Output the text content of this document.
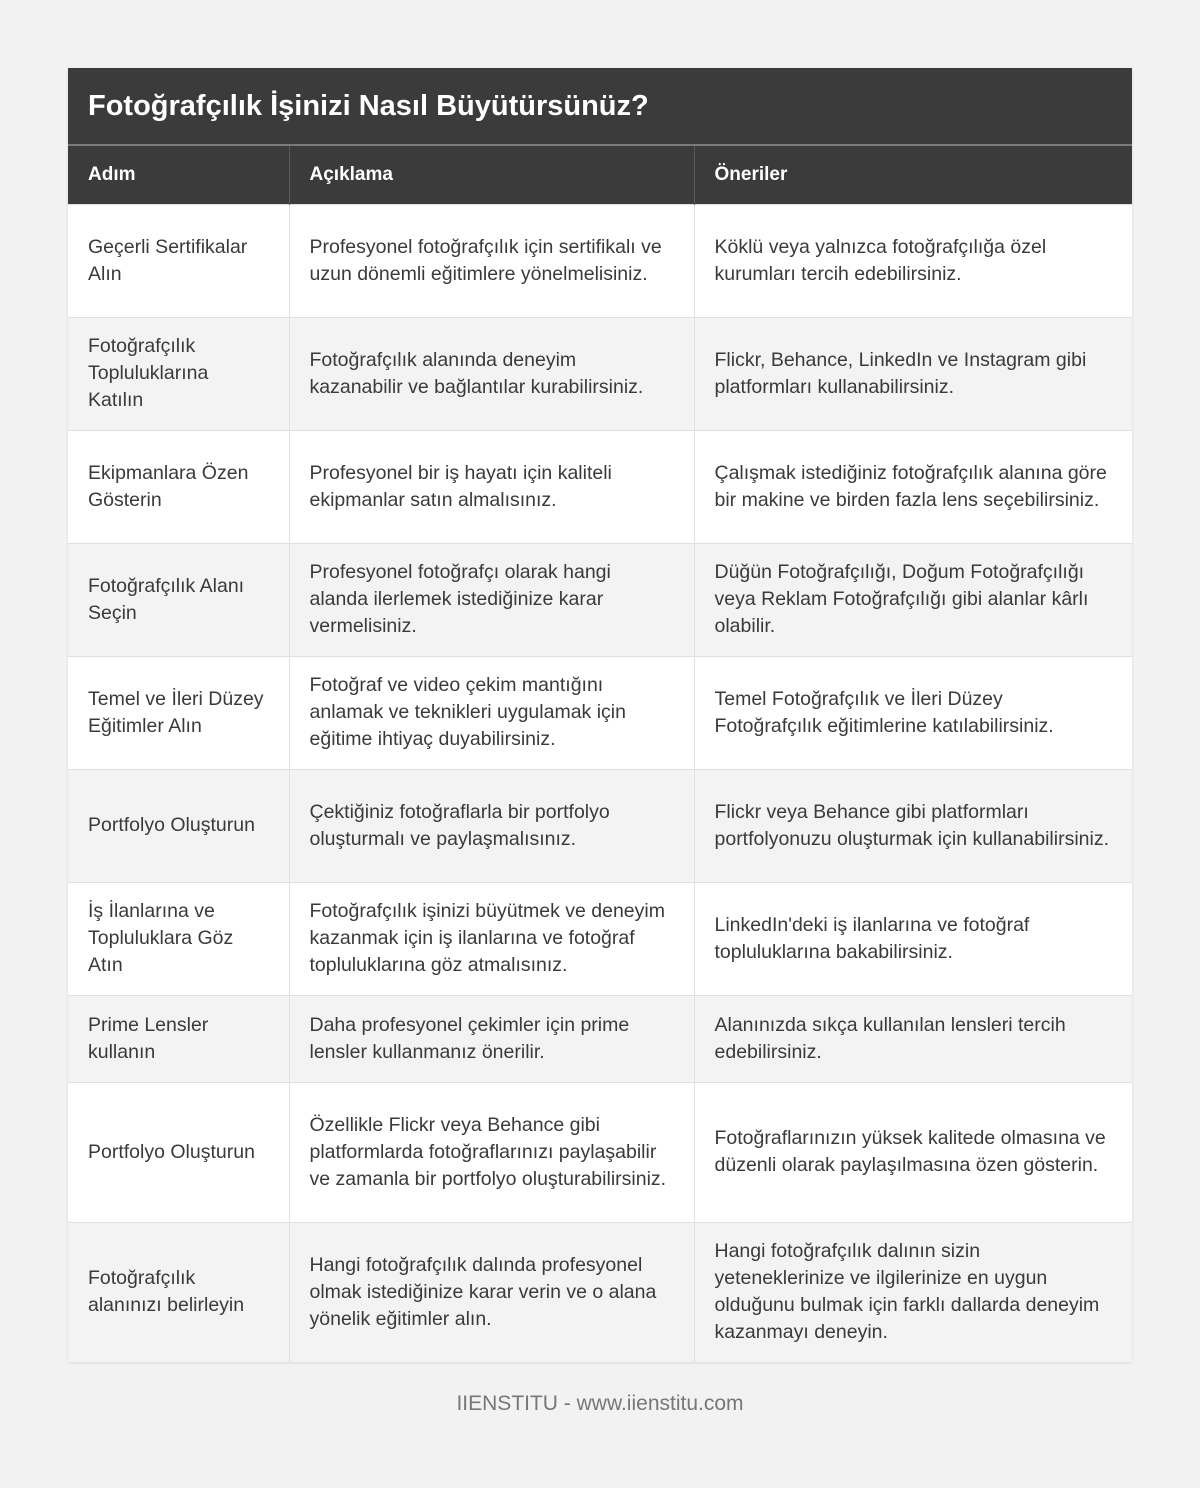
Fotoğrafçılık İşinizi Nasıl Büyütürsünüz?
Adım	Açıklama	Öneriler
Geçerli Sertifikalar Alın	Profesyonel fotoğrafçılık için sertifikalı ve uzun dönemli eğitimlere yönelmelisiniz.	Köklü veya yalnızca fotoğrafçılığa özel kurumları tercih edebilirsiniz.
Fotoğrafçılık Topluluklarına Katılın	Fotoğrafçılık alanında deneyim kazanabilir ve bağlantılar kurabilirsiniz.	Flickr, Behance, LinkedIn ve Instagram gibi platformları kullanabilirsiniz.
Ekipmanlara Özen Gösterin	Profesyonel bir iş hayatı için kaliteli ekipmanlar satın almalısınız.	Çalışmak istediğiniz fotoğrafçılık alanına göre bir makine ve birden fazla lens seçebilirsiniz.
Fotoğrafçılık Alanı Seçin	Profesyonel fotoğrafçı olarak hangi alanda ilerlemek istediğinize karar vermelisiniz.	Düğün Fotoğrafçılığı, Doğum Fotoğrafçılığı veya Reklam Fotoğrafçılığı gibi alanlar kârlı olabilir.
Temel ve İleri Düzey Eğitimler Alın	Fotoğraf ve video çekim mantığını anlamak ve teknikleri uygulamak için eğitime ihtiyaç duyabilirsiniz.	Temel Fotoğrafçılık ve İleri Düzey Fotoğrafçılık eğitimlerine katılabilirsiniz.
Portfolyo Oluşturun	Çektiğiniz fotoğraflarla bir portfolyo oluşturmalı ve paylaşmalısınız.	Flickr veya Behance gibi platformları portfolyonuzu oluşturmak için kullanabilirsiniz.
İş İlanlarına ve Topluluklara Göz Atın	Fotoğrafçılık işinizi büyütmek ve deneyim kazanmak için iş ilanlarına ve fotoğraf topluluklarına göz atmalısınız.	LinkedIn'deki iş ilanlarına ve fotoğraf topluluklarına bakabilirsiniz.
Prime Lensler kullanın	Daha profesyonel çekimler için prime lensler kullanmanız önerilir.	Alanınızda sıkça kullanılan lensleri tercih edebilirsiniz.
Portfolyo Oluşturun	Özellikle Flickr veya Behance gibi platformlarda fotoğraflarınızı paylaşabilir ve zamanla bir portfolyo oluşturabilirsiniz.	Fotoğraflarınızın yüksek kalitede olmasına ve düzenli olarak paylaşılmasına özen gösterin.
Fotoğrafçılık alanınızı belirleyin	Hangi fotoğrafçılık dalında profesyonel olmak istediğinize karar verin ve o alana yönelik eğitimler alın.	Hangi fotoğrafçılık dalının sizin yeteneklerinize ve ilgilerinize en uygun olduğunu bulmak için farklı dallarda deneyim kazanmayı deneyin.
IIENSTITU - www.iienstitu.com
